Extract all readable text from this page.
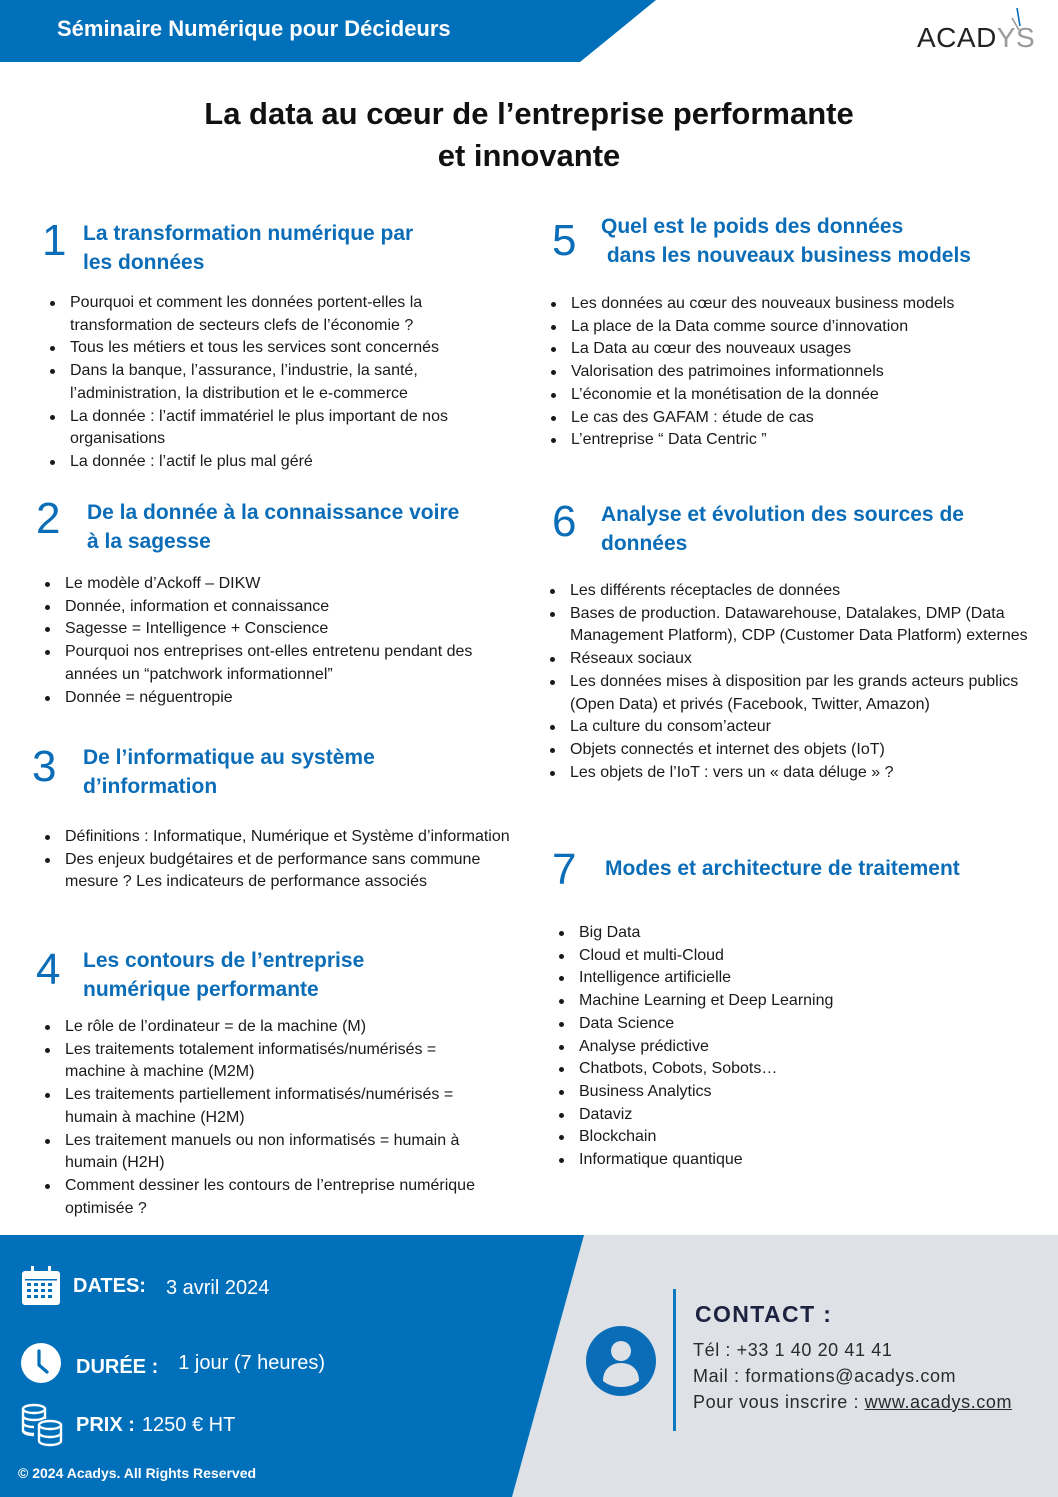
Séminaire Numérique pour Décideurs	ACADYS
La data au cœur de l’entreprise performante
et innovante
1 La transformation numérique par
les données
Pourquoi et comment les données portent-elles la transformation de secteurs clefs de l’économie ?
Tous les métiers et tous les services sont concernés
Dans la banque, l’assurance, l’industrie, la santé, l’administration, la distribution et le e-commerce
La donnée : l’actif immatériel le plus important de nos organisations
La donnée : l’actif le plus mal géré
2 De la donnée à la connaissance voire
à la sagesse
Le modèle d’Ackoff – DIKW
Donnée, information et connaissance
Sagesse = Intelligence + Conscience
Pourquoi nos entreprises ont-elles entretenu pendant des années un “patchwork informationnel”
Donnée = néguentropie
3 De l’informatique au système
d’information
Définitions : Informatique, Numérique et Système d’information
Des enjeux budgétaires et de performance sans commune mesure ? Les indicateurs de performance associés
4 Les contours de l’entreprise
numérique performante
Le rôle de l’ordinateur = de la machine (M)
Les traitements totalement informatisés/numérisés = machine à machine (M2M)
Les traitements partiellement informatisés/numérisés = humain à machine (H2M)
Les traitement manuels ou non informatisés = humain à humain (H2H)
Comment dessiner les contours de l’entreprise numérique optimisée ?
5 Quel est le poids des données
dans les nouveaux business models
Les données au cœur des nouveaux business models
La place de la Data comme source d’innovation
La Data au cœur des nouveaux usages
Valorisation des patrimoines informationnels
L’économie et la monétisation de la donnée
Le cas des GAFAM : étude de cas
L’entreprise “ Data Centric ”
6 Analyse et évolution des sources de
données
Les différents réceptacles de données
Bases de production. Datawarehouse, Datalakes, DMP (Data Management Platform), CDP (Customer Data Platform) externes
Réseaux sociaux
Les données mises à disposition par les grands acteurs publics (Open Data) et privés (Facebook, Twitter, Amazon)
La culture du consom’acteur
Objets connectés et internet des objets (IoT)
Les objets de l’IoT : vers un « data déluge » ?
7 Modes et architecture de traitement
Big Data
Cloud et multi-Cloud
Intelligence artificielle
Machine Learning et Deep Learning
Data Science
Analyse prédictive
Chatbots, Cobots, Sobots…
Business Analytics
Dataviz
Blockchain
Informatique quantique
DATES: 3 avril 2024
DURÉE : 1 jour (7 heures)
PRIX : 1250 € HT
© 2024 Acadys. All Rights Reserved
CONTACT :
Tél : +33 1 40 20 41 41
Mail : formations@acadys.com
Pour vous inscrire : www.acadys.com
